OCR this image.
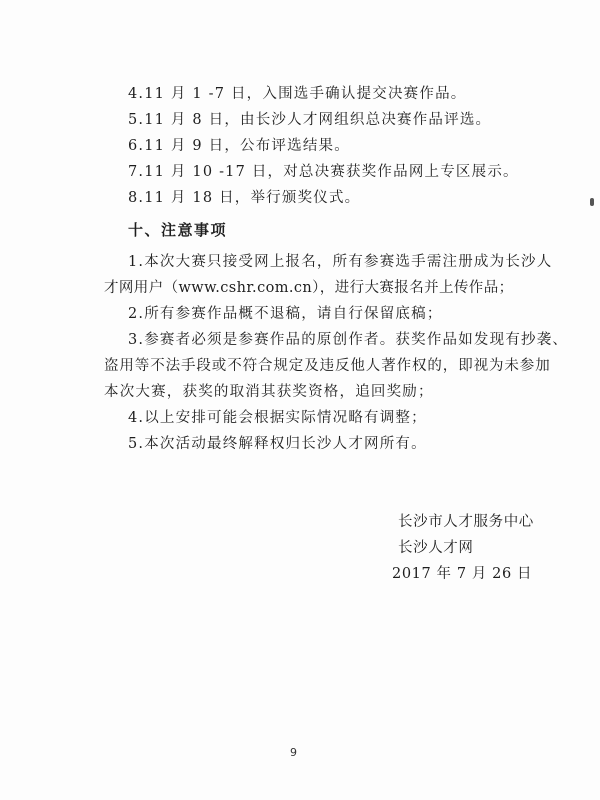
4.11 月 1 -7 日，入围选手确认提交决赛作品。
5.11 月 8 日，由长沙人才网组织总决赛作品评选。
6.11 月 9 日，公布评选结果。
7.11 月 10 -17 日，对总决赛获奖作品网上专区展示。
8.11 月 18 日，举行颁奖仪式。
十、注意事项
1.本次大赛只接受网上报名，所有参赛选手需注册成为长沙人
才网用户（www.cshr.com.cn），进行大赛报名并上传作品；
2.所有参赛作品概不退稿，请自行保留底稿；
3.参赛者必须是参赛作品的原创作者。获奖作品如发现有抄袭、
盗用等不法手段或不符合规定及违反他人著作权的，即视为未参加
本次大赛，获奖的取消其获奖资格，追回奖励；
4.以上安排可能会根据实际情况略有调整；
5.本次活动最终解释权归长沙人才网所有。
长沙市人才服务中心
长沙人才网
2017 年 7 月 26 日
9
